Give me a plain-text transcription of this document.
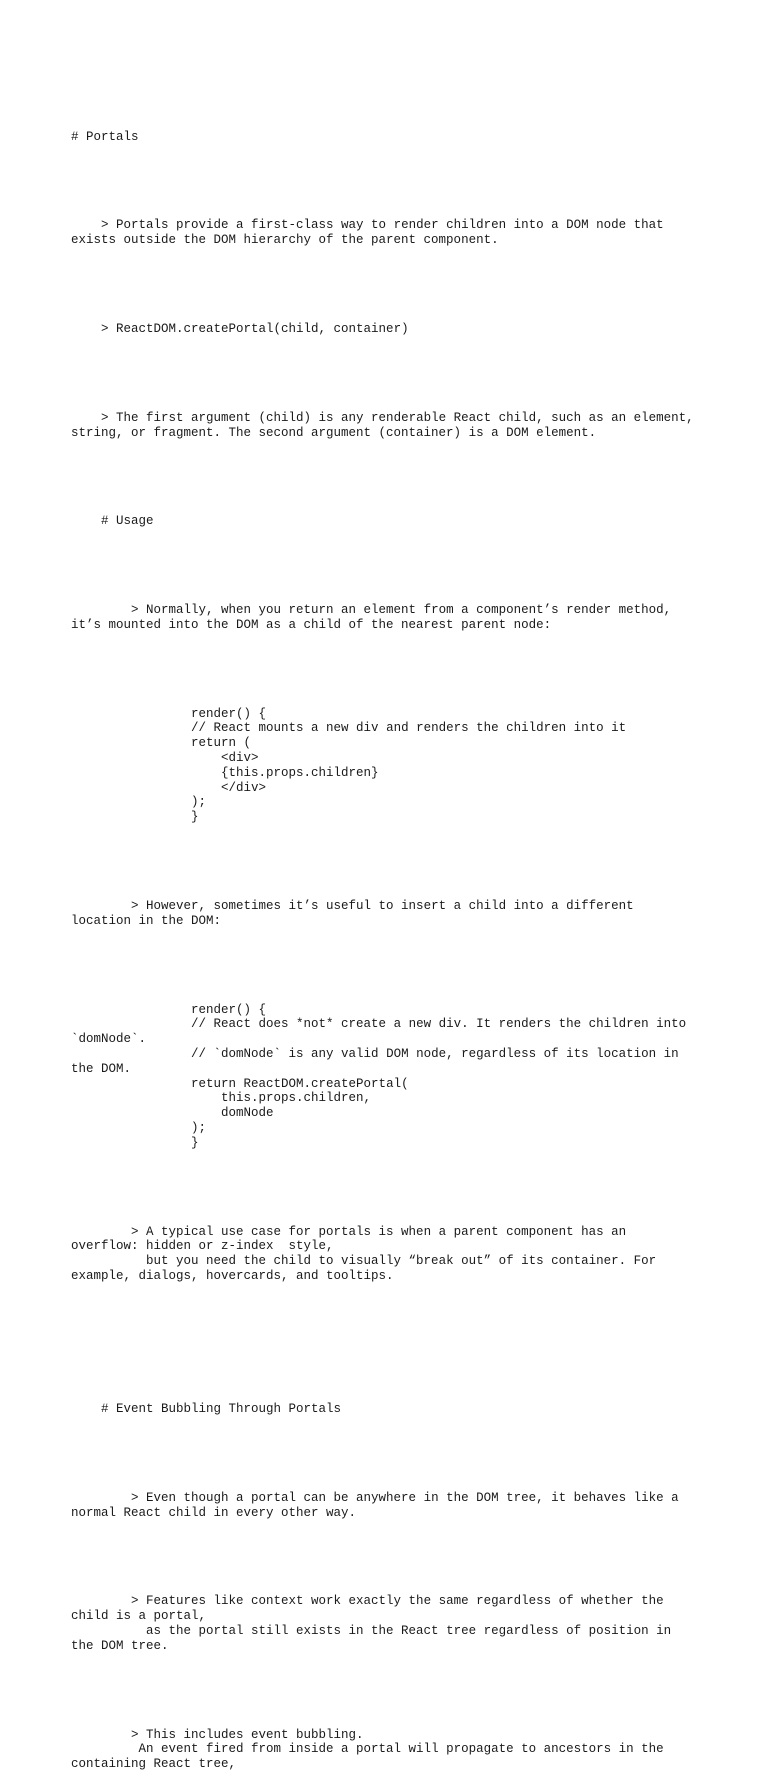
# Portals

> Portals provide a first-class way to render children into a DOM node that
exists outside the DOM hierarchy of the parent component.

> ReactDOM.createPortal(child, container)

> The first argument (child) is any renderable React child, such as an element,
string, or fragment. The second argument (container) is a DOM element.

# Usage

> Normally, when you return an element from a component’s render method,
it’s mounted into the DOM as a child of the nearest parent node:

render() {
// React mounts a new div and renders the children into it
return (
<div>
{this.props.children}
</div>
);
}

> However, sometimes it’s useful to insert a child into a different
location in the DOM:

render() {
// React does *not* create a new div. It renders the children into
`domNode`.
// `domNode` is any valid DOM node, regardless of its location in
the DOM.
return ReactDOM.createPortal(
this.props.children,
domNode
);
}

> A typical use case for portals is when a parent component has an
overflow: hidden or z-index  style,
but you need the child to visually “break out” of its container. For
example, dialogs, hovercards, and tooltips.

# Event Bubbling Through Portals

> Even though a portal can be anywhere in the DOM tree, it behaves like a
normal React child in every other way.

> Features like context work exactly the same regardless of whether the
child is a portal,
as the portal still exists in the React tree regardless of position in
the DOM tree.

> This includes event bubbling.
An event fired from inside a portal will propagate to ancestors in the
containing React tree,
